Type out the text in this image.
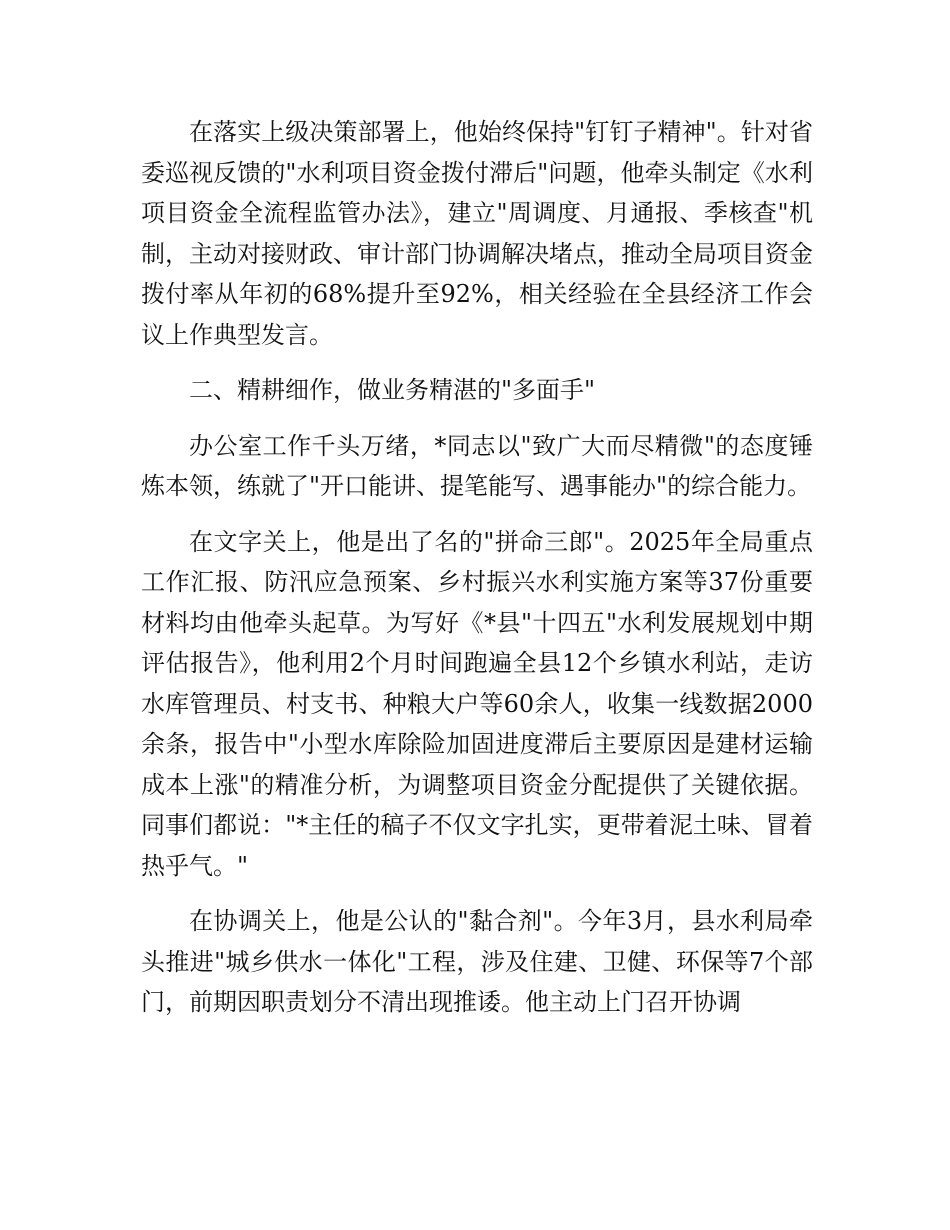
在落实上级决策部署上，他始终保持"钉钉子精神"。针对省委巡视反馈的"水利项目资金拨付滞后"问题，他牵头制定《水利项目资金全流程监管办法》，建立"周调度、月通报、季核查"机制，主动对接财政、审计部门协调解决堵点，推动全局项目资金拨付率从年初的68%提升至92%，相关经验在全县经济工作会议上作典型发言。

二、精耕细作，做业务精湛的"多面手"

办公室工作千头万绪，*同志以"致广大而尽精微"的态度锤炼本领，练就了"开口能讲、提笔能写、遇事能办"的综合能力。

在文字关上，他是出了名的"拼命三郎"。2025年全局重点工作汇报、防汛应急预案、乡村振兴水利实施方案等37份重要材料均由他牵头起草。为写好《*县"十四五"水利发展规划中期评估报告》，他利用2个月时间跑遍全县12个乡镇水利站，走访水库管理员、村支书、种粮大户等60余人，收集一线数据2000余条，报告中"小型水库除险加固进度滞后主要原因是建材运输成本上涨"的精准分析，为调整项目资金分配提供了关键依据。同事们都说："*主任的稿子不仅文字扎实，更带着泥土味、冒着热乎气。"

在协调关上，他是公认的"黏合剂"。今年3月，县水利局牵头推进"城乡供水一体化"工程，涉及住建、卫健、环保等7个部门，前期因职责划分不清出现推诿。他主动上门召开协调
